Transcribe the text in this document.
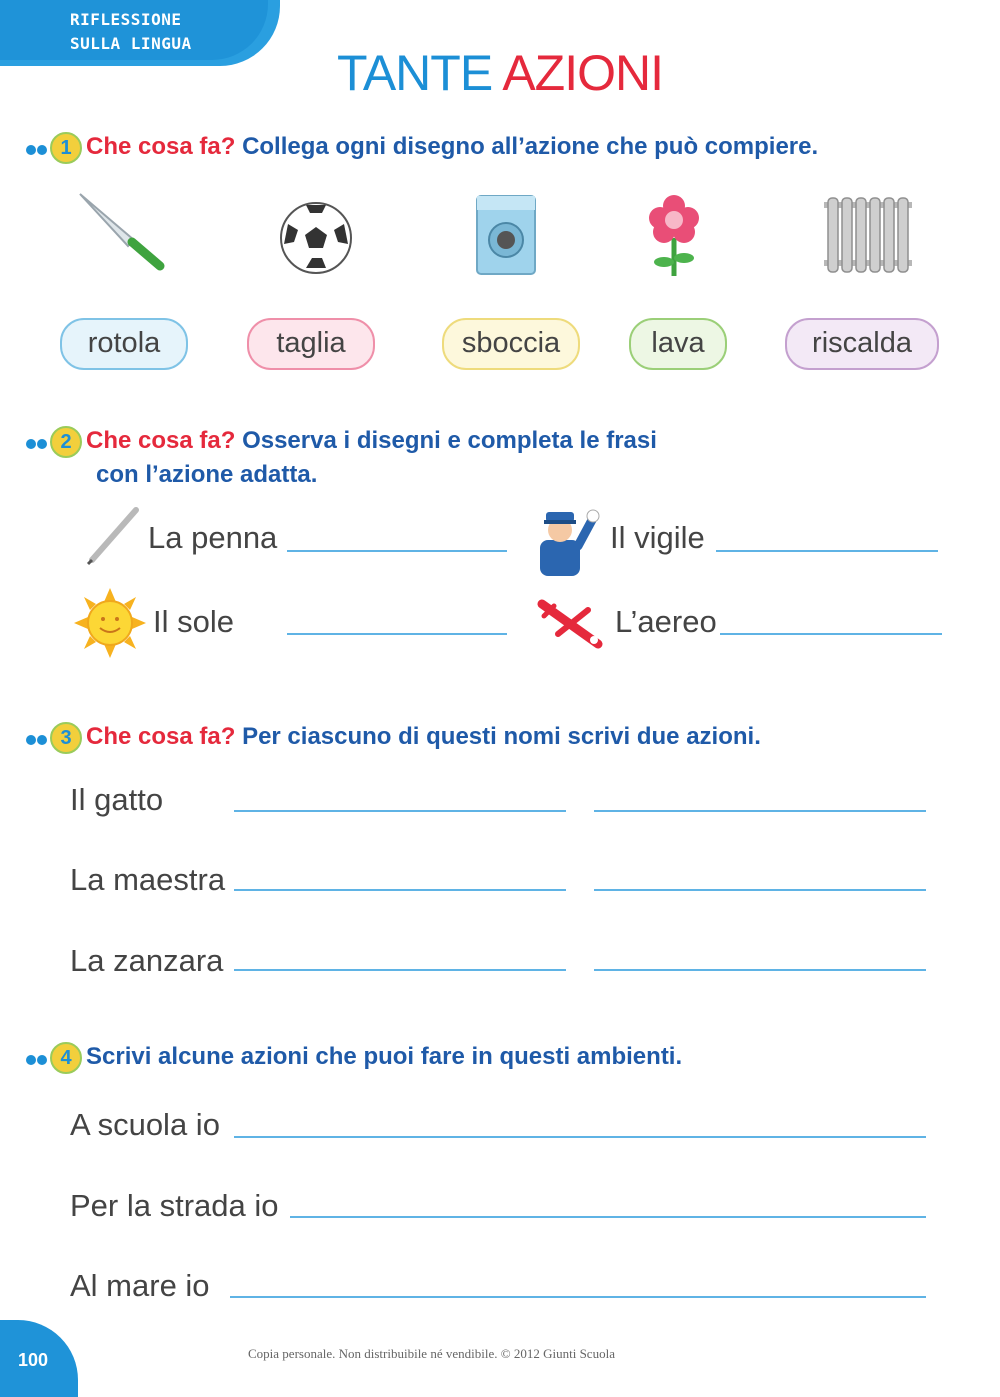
RIFLESSIONE
SULLA LINGUA
TANTE AZIONI
1 Che cosa fa? Collega ogni disegno all’azione che può compiere.
rotola	taglia	sboccia	lava	riscalda
2 Che cosa fa? Osserva i disegni e completa le frasi
con l’azione adatta.
La penna	Il vigile
Il sole	L’aereo
3 Che cosa fa? Per ciascuno di questi nomi scrivi due azioni.
Il gatto
La maestra
La zanzara
4 Scrivi alcune azioni che puoi fare in questi ambienti.
A scuola io
Per la strada io
Al mare io
100	Copia personale. Non distribuibile né vendibile. © 2012 Giunti Scuola
